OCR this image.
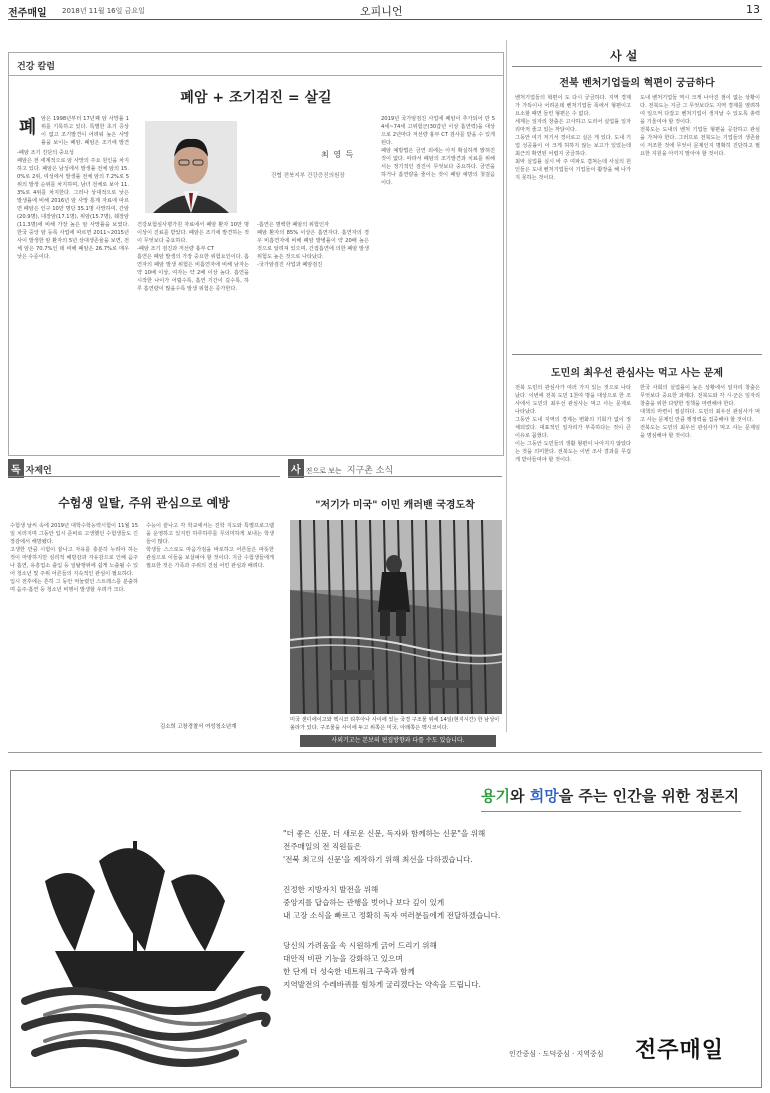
전주매일 2018년 11월 16일 금요일	오피니언	13
건강 칼럼
폐암 + 조기검진 = 살길
폐 암은 1998년부터 17년째 암 사망률 1위를 기록하고 있다. 특별한 초기 증상이 없고 조기발견이 어려워 높은 사망률을 보이는 폐암. 폐암은 조기에 발견

-폐암 조기 진단의 중요성

폐암은 전 세계적으로 암 사망의 주요 원인을 차지하고 있다. 폐암은 남성에서 발생률 전체 암의 15.0%로 2위, 여성에서 발생률 전체 암의 7.2%로 5위의 발생 순위를 차지하며, 남녀 전체로 보아 11.3%로 4위를 차지한다. 그러나 상대적으로 낮은 발생률에 비해 2016년 암 사망 통계 자료에 따르면 폐암은 인구 10만 명당 35.1명 사망하여, 간암(20.9명), 대장암(17.1명), 위암(15.7명), 췌장암(11.3명)에 비해 가장 높은 암 사망률을 보였다. 한국 중앙 암 등록 사업에 따르면 2011~2015년 사이 발생한 암 환자의 5년 상대생존율을 보면, 전체 암은 70.7%인 데 비해 폐암은 26.7%로 매우 낮은 수준이다.

최 영 득
건협 전북지부 건강증진의원장

건강보험심사평가원 자료에서 폐암 환자 10만 명 이상이 진료를 받았다. 폐암은 조기에 발견하는 것이 무엇보다 중요하다.

-폐암 조기 검진과 저선량 흉부 CT

흡연은 폐암 발생의 가장 중요한 위험요인이다. 흡연자의 폐암 발생 위험은 비흡연자에 비해 남자는 약 10배 이상, 여자는 약 2배 이상 높다. 흡연을 시작한 나이가 어릴수록, 흡연 기간이 길수록, 하루 흡연량이 많을수록 발생 위험은 증가한다.

-흡연은 명백한 폐암의 위험인자

폐암 환자의 85% 이상은 흡연자다. 흡연자의 경우 비흡연자에 비해 폐암 발병률이 약 20배 높은 것으로 알려져 있으며, 간접흡연에 의한 폐암 발생 위험도 높은 것으로 나타났다.

-국가암검진 사업과 폐암검진

2019년 국가암검진 사업에 폐암이 추가되어 만 54세~74세 고위험군(30갑년 이상 흡연력)을 대상으로 2년마다 저선량 흉부 CT 검사를 받을 수 있게 된다.

폐암 예방법은 금연 외에는 아직 확실하게 밝혀진 것이 없다. 따라서 폐암의 조기발견과 치료를 위해서는 정기적인 검진이 무엇보다 중요하다. 금연을 하거나 흡연량을 줄이는 것이 폐암 예방의 첫걸음이다.

사 설
전북 벤처기업들의 혁편이 궁금하다

벤처기업들의 혁편이 도 다시 궁금하다. 지역 경제가 가뜩이나 어려운데 벤처기업들 폭에서 형편이고 요소할 때면 들린 형편은 수 없다.

세계는 일자리 창출은 고사하고 도리어 실업률 일자리마저 줄고 있는 까닭이다.

그동안 여기 저기서 경이로고 실은 게 있다. 도내 기업 성공률이 이 크게 허하지 않는 보고가 있었는데 최근의 확연된 어렵지 궁금하다.

최악 실업률 실시 바 주 여파도 겹쳐는데 사실의 원인들은 도내 벤처기업들이 기업들이 활장을 해 나가지 못하는 것이다.

도내 벤처기업들 역시 크게 나아진 점이 없는 상황이다. 전북도는 지금 그 무엇보다도 지역 경제를 염려하여 일으켜 다잡고 벤처기업이 생겨날 수 있도록 총력을 기울여야 할 것이다.

전북도는 도내의 벤처 기업들 형편을 공감하고 관심을 가져야 한다. 그러므로 전북도는 기업들의 생존율이 저조한 것에 무엇이 문제인지 명확히 진단하고 필요한 지원을 아끼지 말아야 할 것이다.

도민의 최우선 관심사는 먹고 사는 문제

전북 도민의 관심사가 여러 가지 있는 것으로 나타났다. 이번에 전북 도민 1천여 명을 대상으로 한 조사에서 도민의 최우선 관심사는 먹고 사는 문제로 나타났다.

그동안 도내 지역의 경제는 변화의 기회가 없이 정체되었다. 대표적인 일자리가 부족하다는 것이 큰 이유로 꼽혔다.

이는 그동안 도민들의 생활 형편이 나아지지 않았다는 것을 의미한다. 전북도는 이번 조사 결과를 무겁게 받아들여야 할 것이다.

한국 사회의 실업률이 높은 상황에서 일자리 창출은 무엇보다 중요한 과제다. 전북도와 각 시·군은 일자리 창출을 위한 다양한 정책을 마련해야 한다.

대책의 마련이 절실하다. 도민의 최우선 관심사가 먹고 사는 문제인 만큼 행정력을 집중해야 할 것이다.

전북도는 도민의 최우선 관심사가 먹고 사는 문제임을 명심해야 할 것이다.

독 자제언
수험생 일탈, 주위 관심으로 예방

수험생 날씨 속에 2019년 대학수학능력시험이 11월 15일 치러지며 그동안 입시 준비로 고생했던 수험생들도 긴장감에서 해방됐다.

고생한 만큼 시험이 끝나고 자유를 충분히 누려야 하는 것이 마땅하지만 심리적 해방감과 자유감으로 인해 음주나 흡연, 유흥업소 출입 등 일탈행위에 쉽게 노출될 수 있어 청소년 및 주위 어른들의 지속적인 관심이 필요하다.

입시 전후에는 흔히 그 동안 억눌렸던 스트레스를 분출하며 음주·흡연 등 청소년 비행이 발생할 우려가 크다.

수능이 끝나고 각 학교에서는 진학 지도와 특별프로그램을 운영하고 있지만 하루하루를 무의미하게 보내는 학생들이 많다.

학생들 스스로도 마음가짐을 바로하고 어른들은 따뜻한 관심으로 이들을 보살펴야 할 것이다. 지금 수험생들에게 필요한 것은 가족과 주위의 진심 어린 관심과 배려다.

김소희 고창경찰서 여성청소년계
사 진으로 보는 지구촌 소식
"저기가 미국" 이민 캐러밴 국경도착
미국 샌디에이고와 멕시코 티후아나 사이에 있는 국경 구조물 위에 14일(현지시간) 한 남성이 올라가 있다. 구조물을 사이에 두고 위쪽은 미국, 아래쪽은 멕시코이다.
사외기고는 본보의 편집방향과 다를 수도 있습니다.
용기와 희망을 주는 인간을 위한 정론지
"더 좋은 신문, 더 새로운 신문, 독자와 함께하는 신문"을 위해
전주매일의 전 직원들은
'전북 최고의 신문'을 제작하기 위해 최선을 다하겠습니다.
진정한 지방자치 발전을 위해
중앙지를 답습하는 관행을 벗어나 보다 깊이 있게
내 고장 소식을 빠르고 정확히 독자 여러분들에게 전달하겠습니다.
당신의 가려움을 속 시원하게 긁어 드리기 위해
대안적 비판 기능을 강화하고 있으며
한 단계 더 성숙한 네트워크 구축과 함께
지역발전의 수레바퀴를 힘차게 굴리겠다는 약속을 드립니다.
인간중심 · 도덕중심 · 지역중심 전주매일
